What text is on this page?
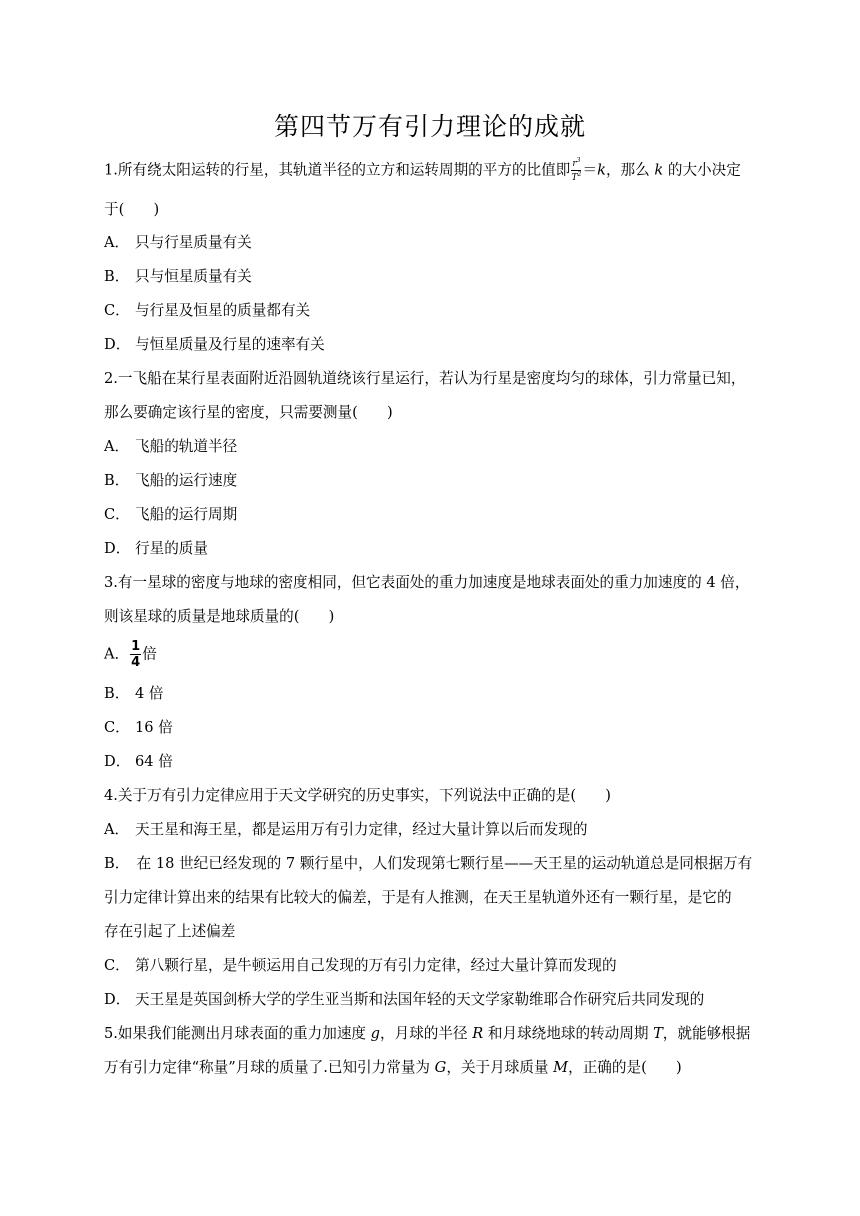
第四节万有引力理论的成就
1.所有绕太阳运转的行星，其轨道半径的立方和运转周期的平方的比值即 $\frac{r^3}{T^2} =k$，那么 k 的大小决定
于(　　)
A． 只与行星质量有关
B． 只与恒星质量有关
C． 与行星及恒星的质量都有关
D． 与恒星质量及行星的速率有关
2.一飞船在某行星表面附近沿圆轨道绕该行星运行，若认为行星是密度均匀的球体，引力常量已知，
那么要确定该行星的密度，只需要测量(　　)
A． 飞船的轨道半径
B． 飞船的运行速度
C． 飞船的运行周期
D． 行星的质量
3.有一星球的密度与地球的密度相同，但它表面处的重力加速度是地球表面处的重力加速度的 4 倍，
则该星球的质量是地球质量的(　　)
A． $\frac{1}{4}$ 倍
B． 4 倍
C． 16 倍
D． 64 倍
4.关于万有引力定律应用于天文学研究的历史事实，下列说法中正确的是(　　)
A． 天王星和海王星，都是运用万有引力定律，经过大量计算以后而发现的
B．　在 18 世纪已经发现的 7 颗行星中，人们发现第七颗行星——天王星的运动轨道总是同根据万有
引力定律计算出来的结果有比较大的偏差，于是有人推测，在天王星轨道外还有一颗行星，是它的
存在引起了上述偏差
C． 第八颗行星，是牛顿运用自己发现的万有引力定律，经过大量计算而发现的
D． 天王星是英国剑桥大学的学生亚当斯和法国年轻的天文学家勒维耶合作研究后共同发现的
5.如果我们能测出月球表面的重力加速度 g，月球的半径 R 和月球绕地球的转动周期 T，就能够根据
万有引力定律“称量”月球的质量了.已知引力常量为 G，关于月球质量 M，正确的是(　　)
